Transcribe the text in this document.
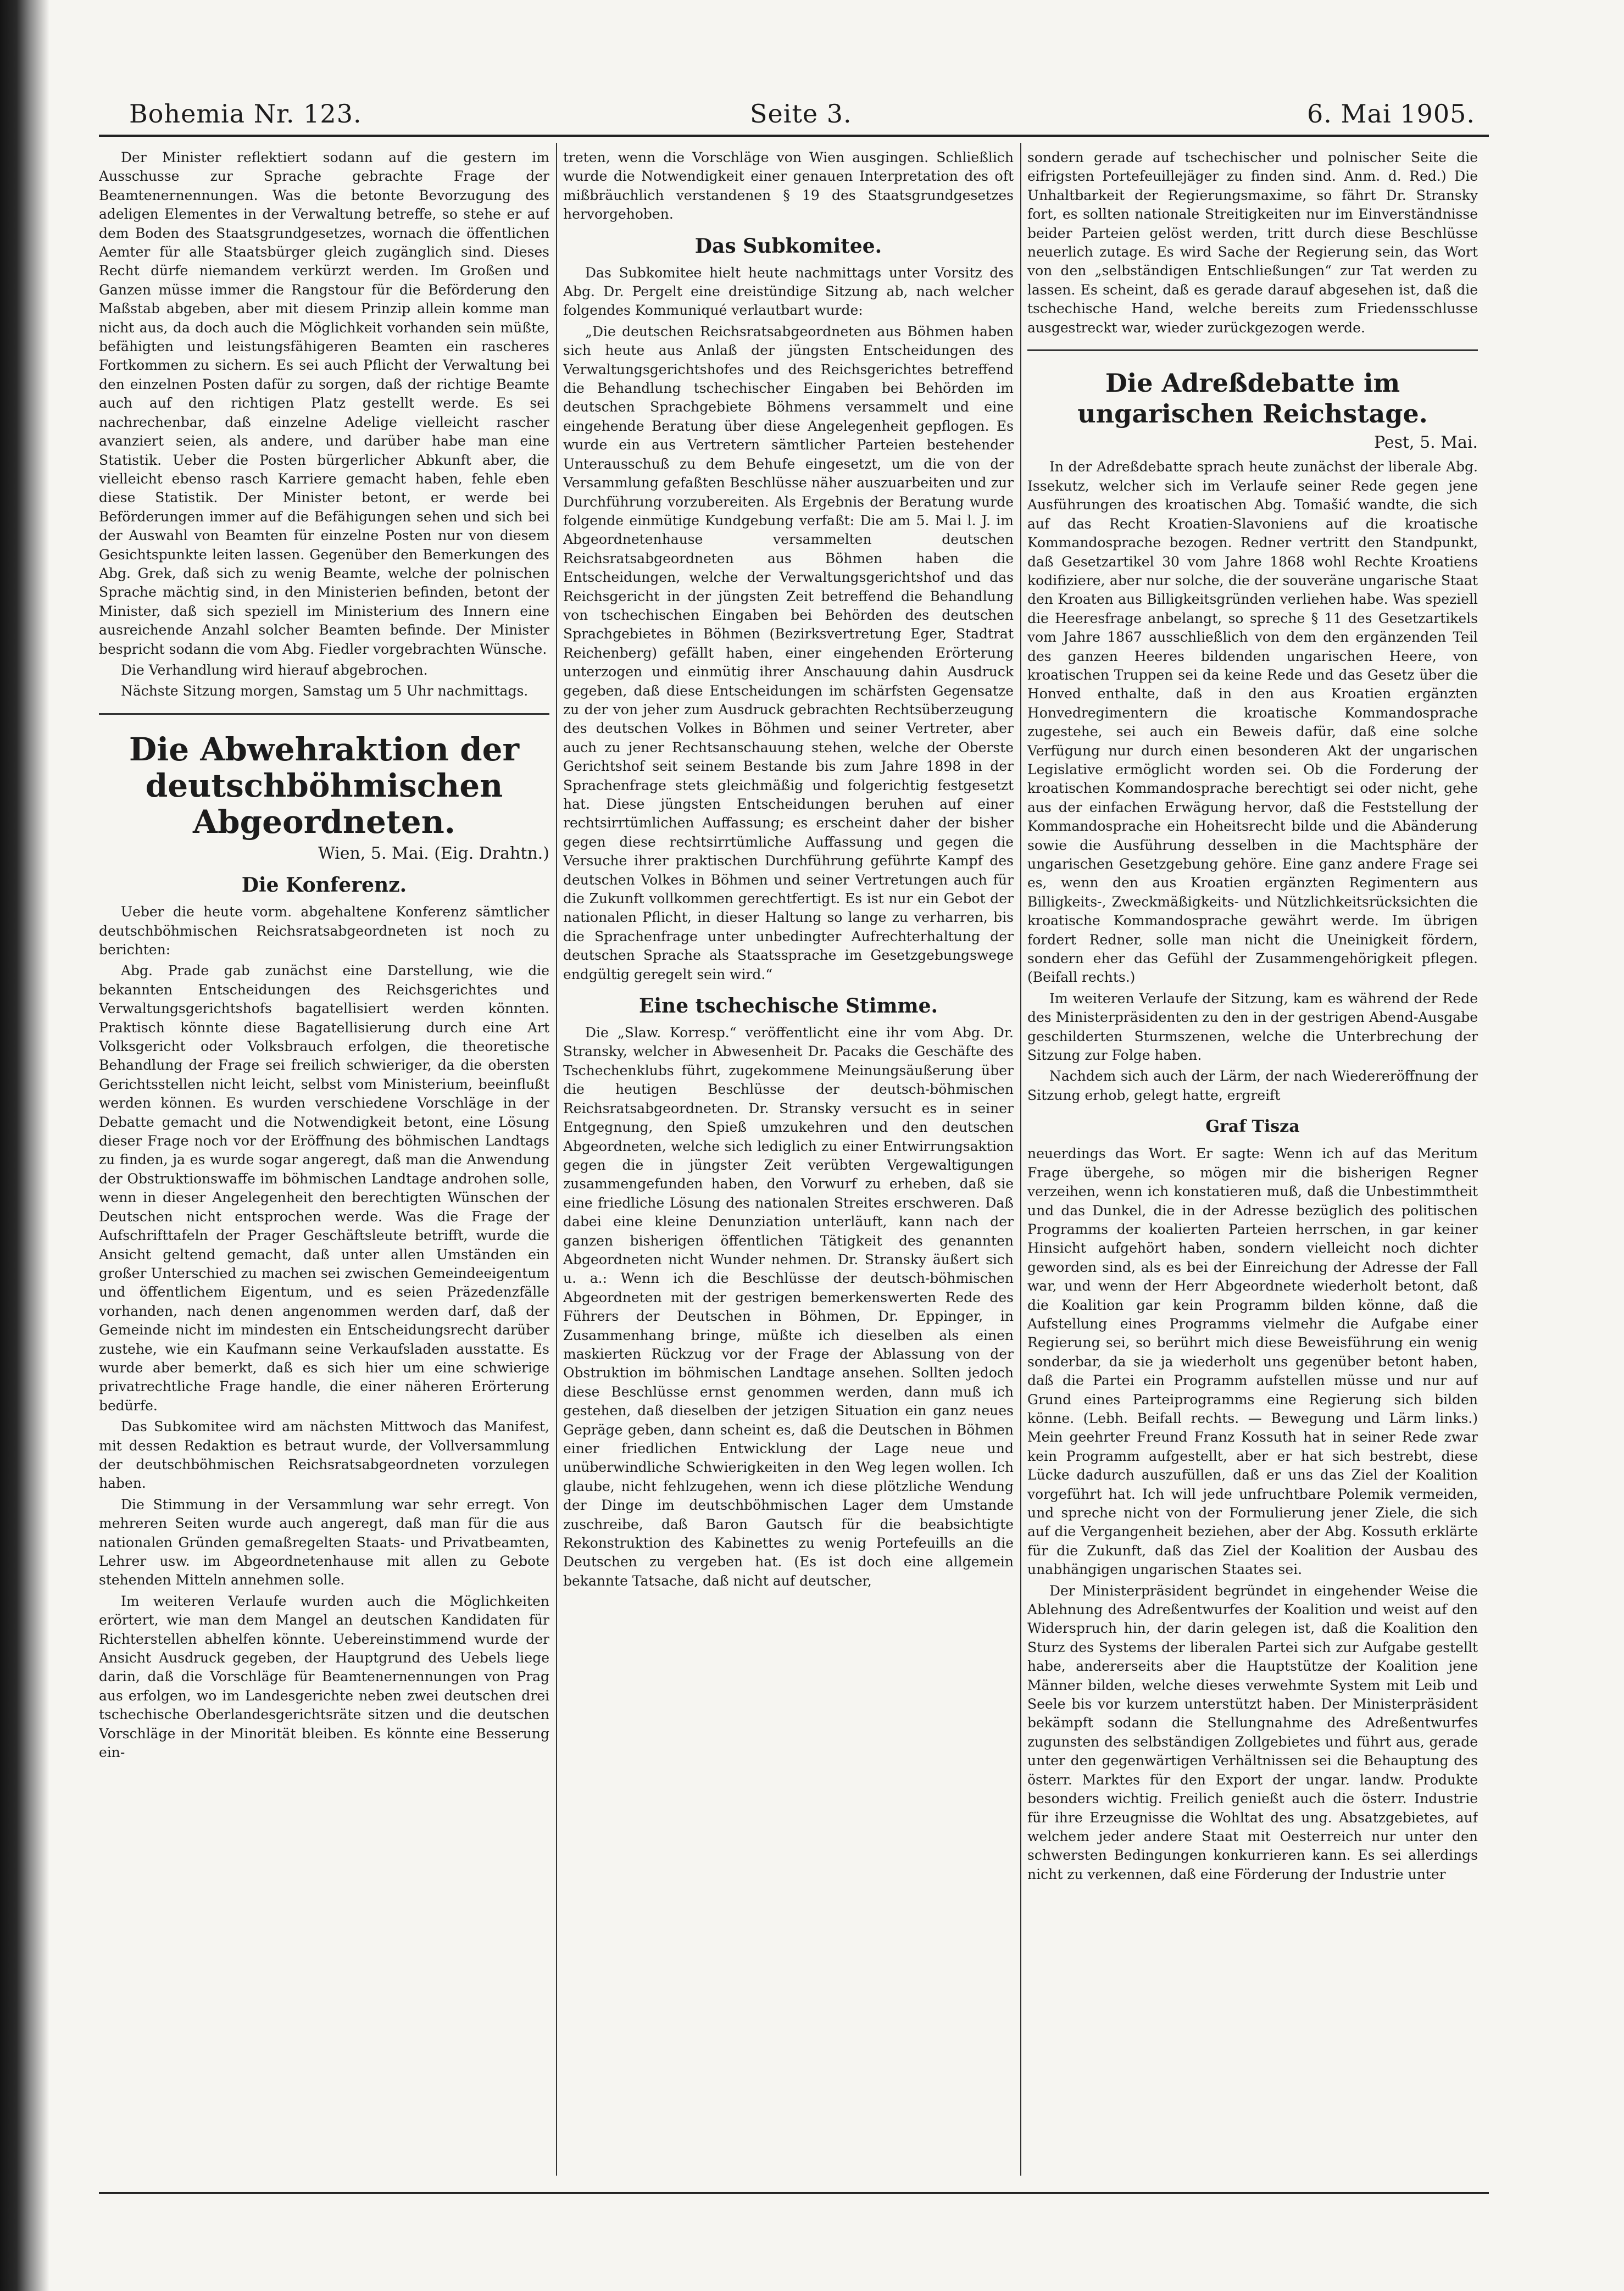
Bohemia Nr. 123.	Seite 3.	6. Mai 1905.

Der Minister reflektiert sodann auf die gestern im Ausschusse zur Sprache gebrachte Frage der Beamtenernennungen. Was die betonte Bevorzugung des adeligen Elementes in der Verwaltung betreffe, so stehe er auf dem Boden des Staatsgrundgesetzes, wornach die öffentlichen Aemter für alle Staatsbürger gleich zugänglich sind. Dieses Recht dürfe niemandem verkürzt werden. Im Großen und Ganzen müsse immer die Rangstour für die Beförderung den Maßstab abgeben, aber mit diesem Prinzip allein komme man nicht aus, da doch auch die Möglichkeit vorhanden sein müßte, befähigten und leistungsfähigeren Beamten ein rascheres Fortkommen zu sichern. Es sei auch Pflicht der Verwaltung bei den einzelnen Posten dafür zu sorgen, daß der richtige Beamte auch auf den richtigen Platz gestellt werde. Es sei nachrechenbar, daß einzelne Adelige vielleicht rascher avanziert seien, als andere, und darüber habe man eine Statistik. Ueber die Posten bürgerlicher Abkunft aber, die vielleicht ebenso rasch Karriere gemacht haben, fehle eben diese Statistik. Der Minister betont, er werde bei Beförderungen immer auf die Befähigungen sehen und sich bei der Auswahl von Beamten für einzelne Posten nur von diesem Gesichtspunkte leiten lassen. Gegenüber den Bemerkungen des Abg. Grek, daß sich zu wenig Beamte, welche der polnischen Sprache mächtig sind, in den Ministerien befinden, betont der Minister, daß sich speziell im Ministerium des Innern eine ausreichende Anzahl solcher Beamten befinde. Der Minister bespricht sodann die vom Abg. Fiedler vorgebrachten Wünsche.

Die Verhandlung wird hierauf abgebrochen.

Nächste Sitzung morgen, Samstag um 5 Uhr nachmittags.

Die Abwehraktion der deutschböhmischen Abgeordneten.
Wien, 5. Mai. (Eig. Drahtn.)
Die Konferenz.

Ueber die heute vorm. abgehaltene Konferenz sämtlicher deutschböhmischen Reichsratsabgeordneten ist noch zu berichten:

Abg. Prade gab zunächst eine Darstellung, wie die bekannten Entscheidungen des Reichsgerichtes und Verwaltungsgerichtshofs bagatellisiert werden könnten. Praktisch könnte diese Bagatellisierung durch eine Art Volksgericht oder Volksbrauch erfolgen, die theoretische Behandlung der Frage sei freilich schwieriger, da die obersten Gerichtsstellen nicht leicht, selbst vom Ministerium, beeinflußt werden können. Es wurden verschiedene Vorschläge in der Debatte gemacht und die Notwendigkeit betont, eine Lösung dieser Frage noch vor der Eröffnung des böhmischen Landtags zu finden, ja es wurde sogar angeregt, daß man die Anwendung der Obstruktionswaffe im böhmischen Landtage androhen solle, wenn in dieser Angelegenheit den berechtigten Wünschen der Deutschen nicht entsprochen werde. Was die Frage der Aufschrifttafeln der Prager Geschäftsleute betrifft, wurde die Ansicht geltend gemacht, daß unter allen Umständen ein großer Unterschied zu machen sei zwischen Gemeindeeigentum und öffentlichem Eigentum, und es seien Präzedenzfälle vorhanden, nach denen angenommen werden darf, daß der Gemeinde nicht im mindesten ein Entscheidungsrecht darüber zustehe, wie ein Kaufmann seine Verkaufsladen ausstatte. Es wurde aber bemerkt, daß es sich hier um eine schwierige privatrechtliche Frage handle, die einer näheren Erörterung bedürfe.

Das Subkomitee wird am nächsten Mittwoch das Manifest, mit dessen Redaktion es betraut wurde, der Vollversammlung der deutschböhmischen Reichsratsabgeordneten vorzulegen haben.

Die Stimmung in der Versammlung war sehr erregt. Von mehreren Seiten wurde auch angeregt, daß man für die aus nationalen Gründen gemaßregelten Staats- und Privatbeamten, Lehrer usw. im Abgeordnetenhause mit allen zu Gebote stehenden Mitteln annehmen solle.

Im weiteren Verlaufe wurden auch die Möglichkeiten erörtert, wie man dem Mangel an deutschen Kandidaten für Richterstellen abhelfen könnte. Uebereinstimmend wurde der Ansicht Ausdruck gegeben, der Hauptgrund des Uebels liege darin, daß die Vorschläge für Beamtenernennungen von Prag aus erfolgen, wo im Landesgerichte neben zwei deutschen drei tschechische Oberlandesgerichtsräte sitzen und die deutschen Vorschläge in der Minorität bleiben. Es könnte eine Besserung ein-

treten, wenn die Vorschläge von Wien ausgingen. Schließlich wurde die Notwendigkeit einer genauen Interpretation des oft mißbräuchlich verstandenen § 19 des Staatsgrundgesetzes hervorgehoben.

Das Subkomitee.

Das Subkomitee hielt heute nachmittags unter Vorsitz des Abg. Dr. Pergelt eine dreistündige Sitzung ab, nach welcher folgendes Kommuniqué verlautbart wurde:

„Die deutschen Reichsratsabgeordneten aus Böhmen haben sich heute aus Anlaß der jüngsten Entscheidungen des Verwaltungsgerichtshofes und des Reichsgerichtes betreffend die Behandlung tschechischer Eingaben bei Behörden im deutschen Sprachgebiete Böhmens versammelt und eine eingehende Beratung über diese Angelegenheit gepflogen. Es wurde ein aus Vertretern sämtlicher Parteien bestehender Unterausschuß zu dem Behufe eingesetzt, um die von der Versammlung gefaßten Beschlüsse näher auszuarbeiten und zur Durchführung vorzubereiten. Als Ergebnis der Beratung wurde folgende einmütige Kundgebung verfaßt: Die am 5. Mai l. J. im Abgeordnetenhause versammelten deutschen Reichsratsabgeordneten aus Böhmen haben die Entscheidungen, welche der Verwaltungsgerichtshof und das Reichsgericht in der jüngsten Zeit betreffend die Behandlung von tschechischen Eingaben bei Behörden des deutschen Sprachgebietes in Böhmen (Bezirksvertretung Eger, Stadtrat Reichenberg) gefällt haben, einer eingehenden Erörterung unterzogen und einmütig ihrer Anschauung dahin Ausdruck gegeben, daß diese Entscheidungen im schärfsten Gegensatze zu der von jeher zum Ausdruck gebrachten Rechtsüberzeugung des deutschen Volkes in Böhmen und seiner Vertreter, aber auch zu jener Rechtsanschauung stehen, welche der Oberste Gerichtshof seit seinem Bestande bis zum Jahre 1898 in der Sprachenfrage stets gleichmäßig und folgerichtig festgesetzt hat. Diese jüngsten Entscheidungen beruhen auf einer rechtsirrtümlichen Auffassung; es erscheint daher der bisher gegen diese rechtsirrtümliche Auffassung und gegen die Versuche ihrer praktischen Durchführung geführte Kampf des deutschen Volkes in Böhmen und seiner Vertretungen auch für die Zukunft vollkommen gerechtfertigt. Es ist nur ein Gebot der nationalen Pflicht, in dieser Haltung so lange zu verharren, bis die Sprachenfrage unter unbedingter Aufrechterhaltung der deutschen Sprache als Staatssprache im Gesetzgebungswege endgültig geregelt sein wird.“

Eine tschechische Stimme.

Die „Slaw. Korresp.“ veröffentlicht eine ihr vom Abg. Dr. Stransky, welcher in Abwesenheit Dr. Pacaks die Geschäfte des Tschechenklubs führt, zugekommene Meinungsäußerung über die heutigen Beschlüsse der deutsch-böhmischen Reichsratsabgeordneten. Dr. Stransky versucht es in seiner Entgegnung, den Spieß umzukehren und den deutschen Abgeordneten, welche sich lediglich zu einer Entwirrungsaktion gegen die in jüngster Zeit verübten Vergewaltigungen zusammengefunden haben, den Vorwurf zu erheben, daß sie eine friedliche Lösung des nationalen Streites erschweren. Daß dabei eine kleine Denunziation unterläuft, kann nach der ganzen bisherigen öffentlichen Tätigkeit des genannten Abgeordneten nicht Wunder nehmen. Dr. Stransky äußert sich u. a.: Wenn ich die Beschlüsse der deutsch-böhmischen Abgeordneten mit der gestrigen bemerkenswerten Rede des Führers der Deutschen in Böhmen, Dr. Eppinger, in Zusammenhang bringe, müßte ich dieselben als einen maskierten Rückzug vor der Frage der Ablassung von der Obstruktion im böhmischen Landtage ansehen. Sollten jedoch diese Beschlüsse ernst genommen werden, dann muß ich gestehen, daß dieselben der jetzigen Situation ein ganz neues Gepräge geben, dann scheint es, daß die Deutschen in Böhmen einer friedlichen Entwicklung der Lage neue und unüberwindliche Schwierigkeiten in den Weg legen wollen. Ich glaube, nicht fehlzugehen, wenn ich diese plötzliche Wendung der Dinge im deutschböhmischen Lager dem Umstande zuschreibe, daß Baron Gautsch für die beabsichtigte Rekonstruktion des Kabinettes zu wenig Portefeuills an die Deutschen zu vergeben hat. (Es ist doch eine allgemein bekannte Tatsache, daß nicht auf deutscher,

sondern gerade auf tschechischer und polnischer Seite die eifrigsten Portefeuillejäger zu finden sind. Anm. d. Red.) Die Unhaltbarkeit der Regierungsmaxime, so fährt Dr. Stransky fort, es sollten nationale Streitigkeiten nur im Einverständnisse beider Parteien gelöst werden, tritt durch diese Beschlüsse neuerlich zutage. Es wird Sache der Regierung sein, das Wort von den „selbständigen Entschließungen“ zur Tat werden zu lassen. Es scheint, daß es gerade darauf abgesehen ist, daß die tschechische Hand, welche bereits zum Friedensschlusse ausgestreckt war, wieder zurückgezogen werde.

Die Adreßdebatte im ungarischen Reichstage.
Pest, 5. Mai.

In der Adreßdebatte sprach heute zunächst der liberale Abg. Issekutz, welcher sich im Verlaufe seiner Rede gegen jene Ausführungen des kroatischen Abg. Tomašić wandte, die sich auf das Recht Kroatien-Slavoniens auf die kroatische Kommandosprache bezogen. Redner vertritt den Standpunkt, daß Gesetzartikel 30 vom Jahre 1868 wohl Rechte Kroatiens kodifiziere, aber nur solche, die der souveräne ungarische Staat den Kroaten aus Billigkeitsgründen verliehen habe. Was speziell die Heeresfrage anbelangt, so spreche § 11 des Gesetzartikels vom Jahre 1867 ausschließlich von dem den ergänzenden Teil des ganzen Heeres bildenden ungarischen Heere, von kroatischen Truppen sei da keine Rede und das Gesetz über die Honved enthalte, daß in den aus Kroatien ergänzten Honvedregimentern die kroatische Kommandosprache zugestehe, sei auch ein Beweis dafür, daß eine solche Verfügung nur durch einen besonderen Akt der ungarischen Legislative ermöglicht worden sei. Ob die Forderung der kroatischen Kommandosprache berechtigt sei oder nicht, gehe aus der einfachen Erwägung hervor, daß die Feststellung der Kommandosprache ein Hoheitsrecht bilde und die Abänderung sowie die Ausführung desselben in die Machtsphäre der ungarischen Gesetzgebung gehöre. Eine ganz andere Frage sei es, wenn den aus Kroatien ergänzten Regimentern aus Billigkeits-, Zweckmäßigkeits- und Nützlichkeitsrücksichten die kroatische Kommandosprache gewährt werde. Im übrigen fordert Redner, solle man nicht die Uneinigkeit fördern, sondern eher das Gefühl der Zusammengehörigkeit pflegen. (Beifall rechts.)

Im weiteren Verlaufe der Sitzung, kam es während der Rede des Ministerpräsidenten zu den in der gestrigen Abend-Ausgabe geschilderten Sturmszenen, welche die Unterbrechung der Sitzung zur Folge haben.

Nachdem sich auch der Lärm, der nach Wiedereröffnung der Sitzung erhob, gelegt hatte, ergreift

Graf Tisza

neuerdings das Wort. Er sagte: Wenn ich auf das Meritum Frage übergehe, so mögen mir die bisherigen Regner verzeihen, wenn ich konstatieren muß, daß die Unbestimmtheit und das Dunkel, die in der Adresse bezüglich des politischen Programms der koalierten Parteien herrschen, in gar keiner Hinsicht aufgehört haben, sondern vielleicht noch dichter geworden sind, als es bei der Einreichung der Adresse der Fall war, und wenn der Herr Abgeordnete wiederholt betont, daß die Koalition gar kein Programm bilden könne, daß die Aufstellung eines Programms vielmehr die Aufgabe einer Regierung sei, so berührt mich diese Beweisführung ein wenig sonderbar, da sie ja wiederholt uns gegenüber betont haben, daß die Partei ein Programm aufstellen müsse und nur auf Grund eines Parteiprogramms eine Regierung sich bilden könne. (Lebh. Beifall rechts. — Bewegung und Lärm links.) Mein geehrter Freund Franz Kossuth hat in seiner Rede zwar kein Programm aufgestellt, aber er hat sich bestrebt, diese Lücke dadurch auszufüllen, daß er uns das Ziel der Koalition vorgeführt hat. Ich will jede unfruchtbare Polemik vermeiden, und spreche nicht von der Formulierung jener Ziele, die sich auf die Vergangenheit beziehen, aber der Abg. Kossuth erklärte für die Zukunft, daß das Ziel der Koalition der Ausbau des unabhängigen ungarischen Staates sei.

Der Ministerpräsident begründet in eingehender Weise die Ablehnung des Adreßentwurfes der Koalition und weist auf den Widerspruch hin, der darin gelegen ist, daß die Koalition den Sturz des Systems der liberalen Partei sich zur Aufgabe gestellt habe, andererseits aber die Hauptstütze der Koalition jene Männer bilden, welche dieses verwehmte System mit Leib und Seele bis vor kurzem unterstützt haben. Der Ministerpräsident bekämpft sodann die Stellungnahme des Adreßentwurfes zugunsten des selbständigen Zollgebietes und führt aus, gerade unter den gegenwärtigen Verhältnissen sei die Behauptung des österr. Marktes für den Export der ungar. landw. Produkte besonders wichtig. Freilich genießt auch die österr. Industrie für ihre Erzeugnisse die Wohltat des ung. Absatzgebietes, auf welchem jeder andere Staat mit Oesterreich nur unter den schwersten Bedingungen konkurrieren kann. Es sei allerdings nicht zu verkennen, daß eine Förderung der Industrie unter
